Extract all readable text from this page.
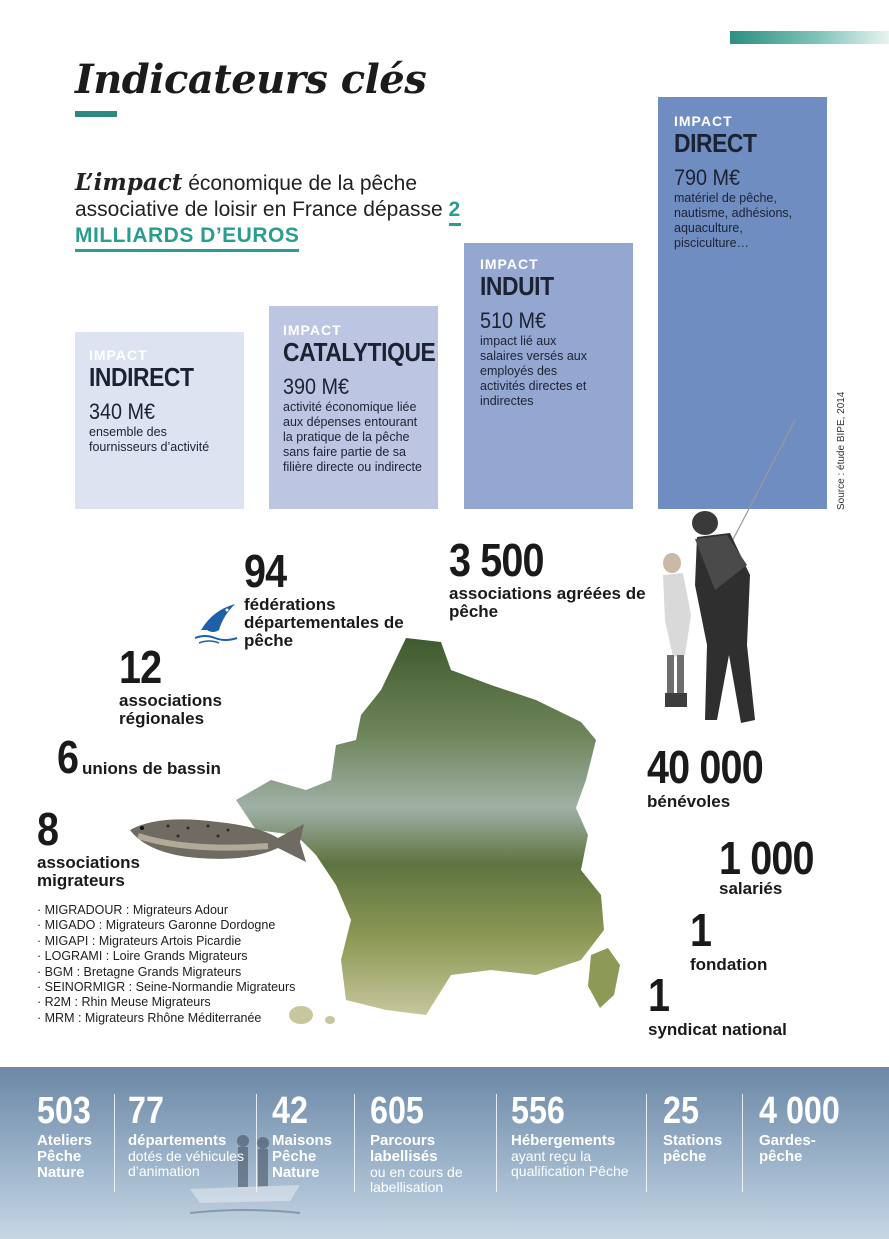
Indicateurs clés

L’impact économique de la pêche associative de loisir en France dépasse 2 MILLIARDS D’EUROS

IMPACT
INDIRECT
340 M€
ensemble des fournisseurs d’activité
IMPACT
CATALYTIQUE
390 M€
activité économique liée aux dépenses entourant la pratique de la pêche sans faire partie de sa filière directe ou indirecte
IMPACT
INDUIT
510 M€
impact lié aux salaires versés aux employés des activités directes et indirectes
IMPACT
DIRECT
790 M€
matériel de pêche, nautisme, adhésions, aquaculture, pisciculture…
Source : étude BIPE, 2014
94
fédérations départementales de pêche
3 500
associations agréées de pêche
12
associations régionales
6 unions de bassin
8
associations migrateurs
· MIGRADOUR : Migrateurs Adour
· MIGADO : Migrateurs Garonne Dordogne
· MIGAPI : Migrateurs Artois Picardie
· LOGRAMI : Loire Grands Migrateurs
· BGM : Bretagne Grands Migrateurs
· SEINORMIGR : Seine-Normandie Migrateurs
· R2M : Rhin Meuse Migrateurs
· MRM : Migrateurs Rhône Méditerranée
40 000
bénévoles
1 000
salariés
1
fondation
1
syndicat national
503
Ateliers Pêche Nature
77
départements
dotés de véhicules d’animation
42
Maisons Pêche Nature
605
Parcours labellisés
ou en cours de labellisation
556
Hébergements
ayant reçu la qualification Pêche
25
Stations pêche
4 000
Gardes-pêche
